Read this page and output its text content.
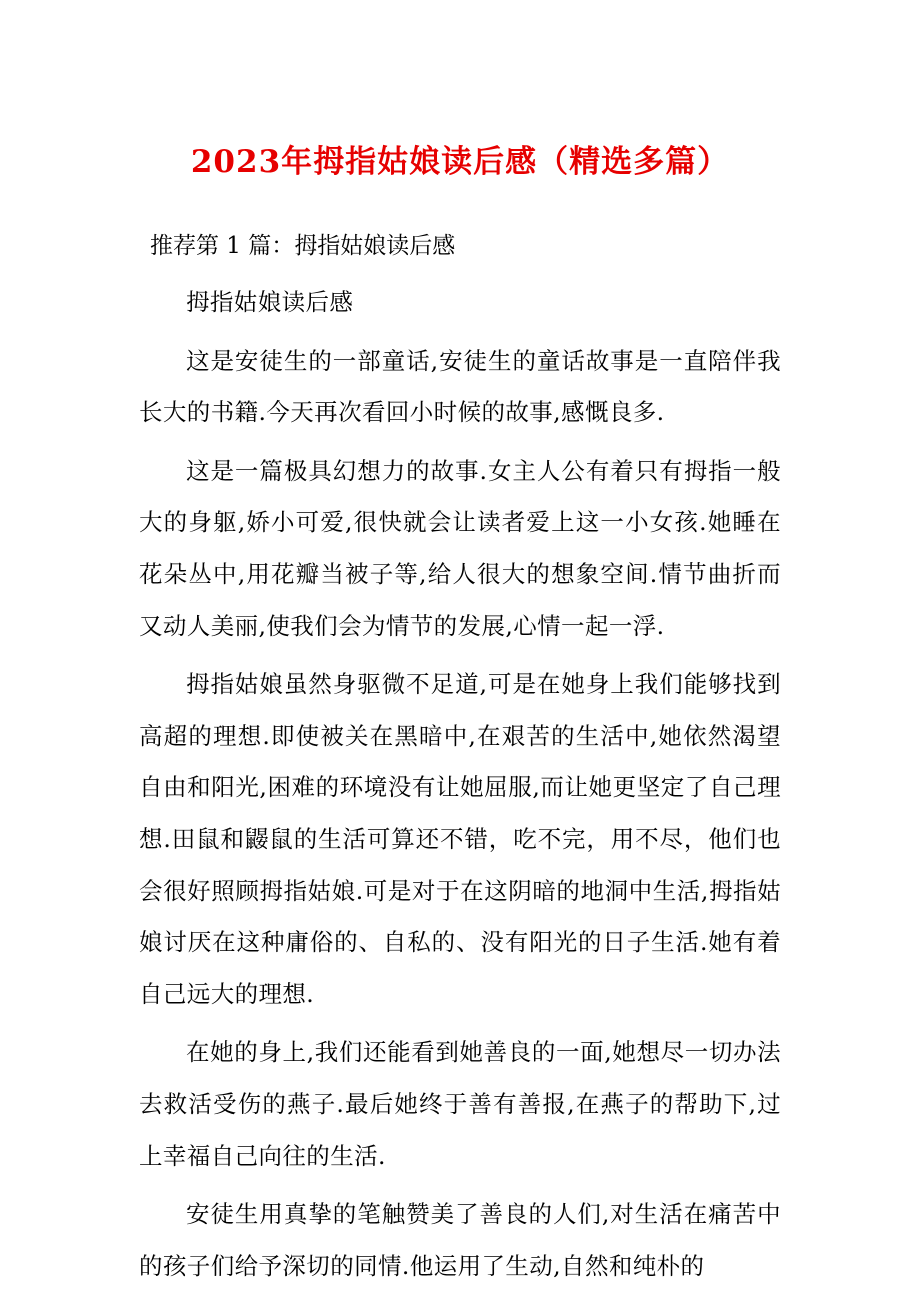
2023年拇指姑娘读后感（精选多篇）

推荐第 1 篇：拇指姑娘读后感

拇指姑娘读后感

这是安徒生的一部童话,安徒生的童话故事是一直陪伴我长大的书籍.今天再次看回小时候的故事,感慨良多.

这是一篇极具幻想力的故事.女主人公有着只有拇指一般大的身躯,娇小可爱,很快就会让读者爱上这一小女孩.她睡在花朵丛中,用花瓣当被子等,给人很大的想象空间.情节曲折而又动人美丽,使我们会为情节的发展,心情一起一浮.

拇指姑娘虽然身驱微不足道,可是在她身上我们能够找到高超的理想.即使被关在黑暗中,在艰苦的生活中,她依然渴望自由和阳光,困难的环境没有让她屈服,而让她更坚定了自己理想.田鼠和鼹鼠的生活可算还不错，吃不完，用不尽，他们也会很好照顾拇指姑娘.可是对于在这阴暗的地洞中生活,拇指姑娘讨厌在这种庸俗的、自私的、没有阳光的日子生活.她有着自己远大的理想.

在她的身上,我们还能看到她善良的一面,她想尽一切办法去救活受伤的燕子.最后她终于善有善报,在燕子的帮助下,过上幸福自己向往的生活.

安徒生用真挚的笔触赞美了善良的人们,对生活在痛苦中的孩子们给予深切的同情.他运用了生动,自然和纯朴的
